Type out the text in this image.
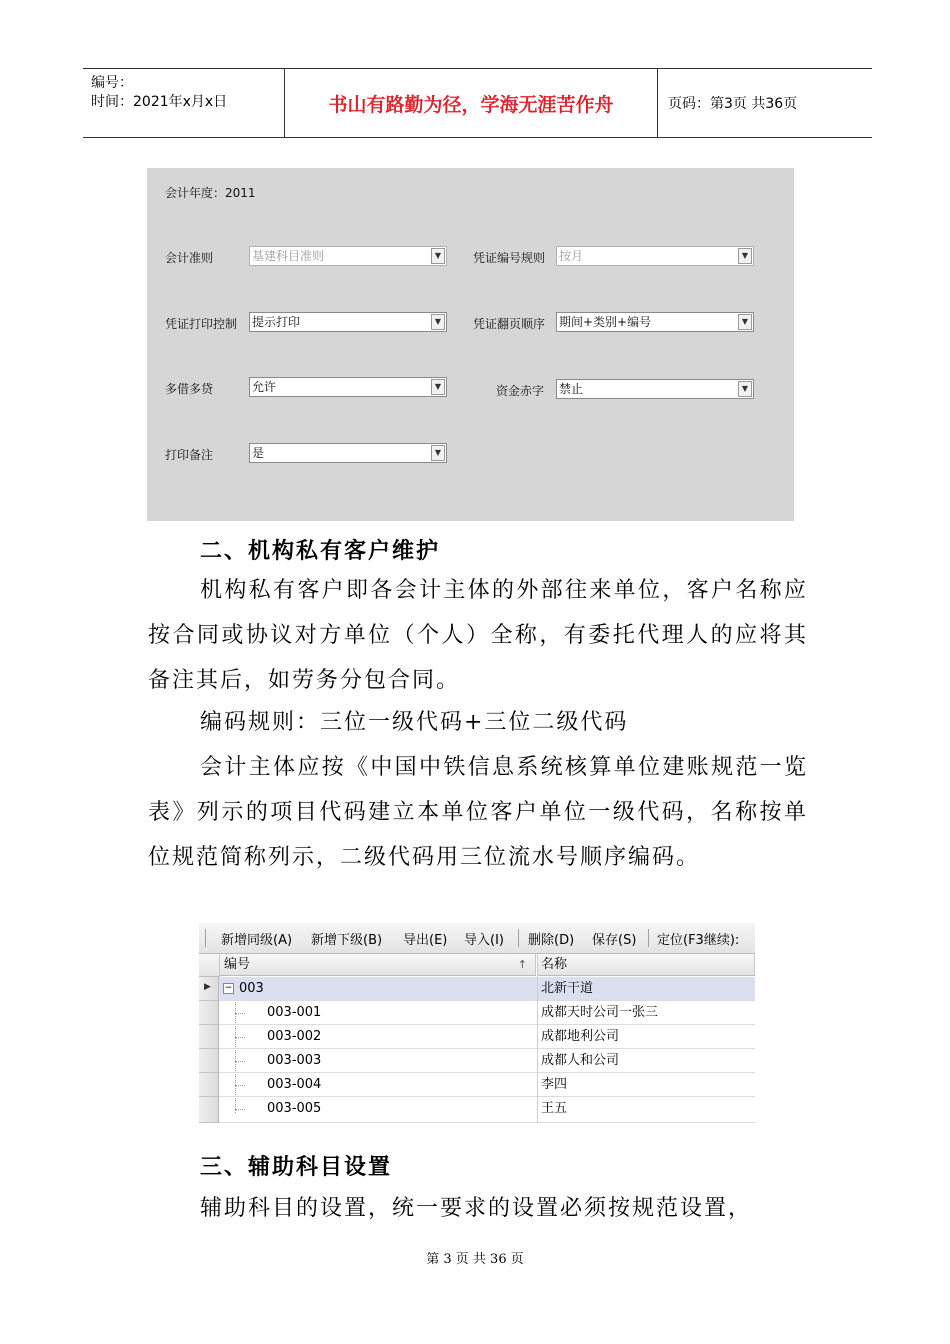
编号：
时间：2021年x月x日	书山有路勤为径，学海无涯苦作舟	页码：第3页 共36页
会计年度：2011
会计准则	基建科目准则	▼	凭证编号规则 按月	▼
凭证打印控制 提示打印	▼	凭证翻页顺序 期间+类别+编号	▼
多借多贷	允许	▼	资金赤字 禁止	▼
打印备注	是	▼
二、机构私有客户维护
机构私有客户即各会计主体的外部往来单位，客户名称应按合同或协议对方单位（个人）全称，有委托代理人的应将其备注其后，如劳务分包合同。
编码规则：三位一级代码+三位二级代码
会计主体应按《中国中铁信息系统核算单位建账规范一览表》列示的项目代码建立本单位客户单位一级代码，名称按单位规范简称列示，二级代码用三位流水号顺序编码。
新增同级(A) 新增下级(B) 导出(E) 导入(I) 删除(D) 保存(S) 定位(F3继续):
编号	↑	名称
▶ − 003	北新干道
003-001	成都天时公司一张三
003-002	成都地利公司
003-003	成都人和公司
003-004	李四
003-005	王五
三、辅助科目设置
辅助科目的设置，统一要求的设置必须按规范设置，
第 3 页 共 36 页
